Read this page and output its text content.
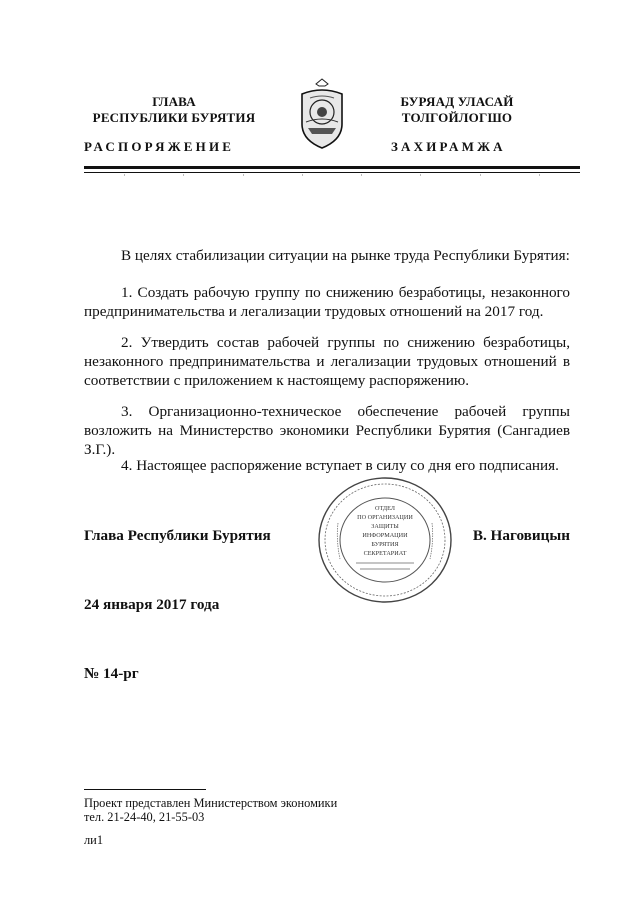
ГЛАВА
РЕСПУБЛИКИ БУРЯТИЯ
БУРЯАД УЛАСАЙ
ТОЛГОЙЛОГШО
РАСПОРЯЖЕНИЕ	ЗАХИРАМЖА

В целях стабилизации ситуации на рынке труда Республики Бурятия:

1. Создать рабочую группу по снижению безработицы, незаконного предпринимательства и легализации трудовых отношений на 2017 год.

2. Утвердить состав рабочей группы по снижению безработицы, незаконного предпринимательства и легализации трудовых отношений в соответствии с приложением к настоящему распоряжению.

3. Организационно-техническое обеспечение рабочей группы возложить на Министерство экономики Республики Бурятия (Сангадиев З.Г.).

4. Настоящее распоряжение вступает в силу со дня его подписания.

Глава Республики Бурятия
ОТДЕЛ
ПО ОРГАНИЗАЦИИ
ЗАЩИТЫ
ИНФОРМАЦИИ
БУРЯТИЯ
СЕКРЕТАРИАТ
В. Наговицын
24 января 2017 года
№ 14-рг
Проект представлен Министерством экономики
тел. 21-24-40, 21-55-03
ли1
